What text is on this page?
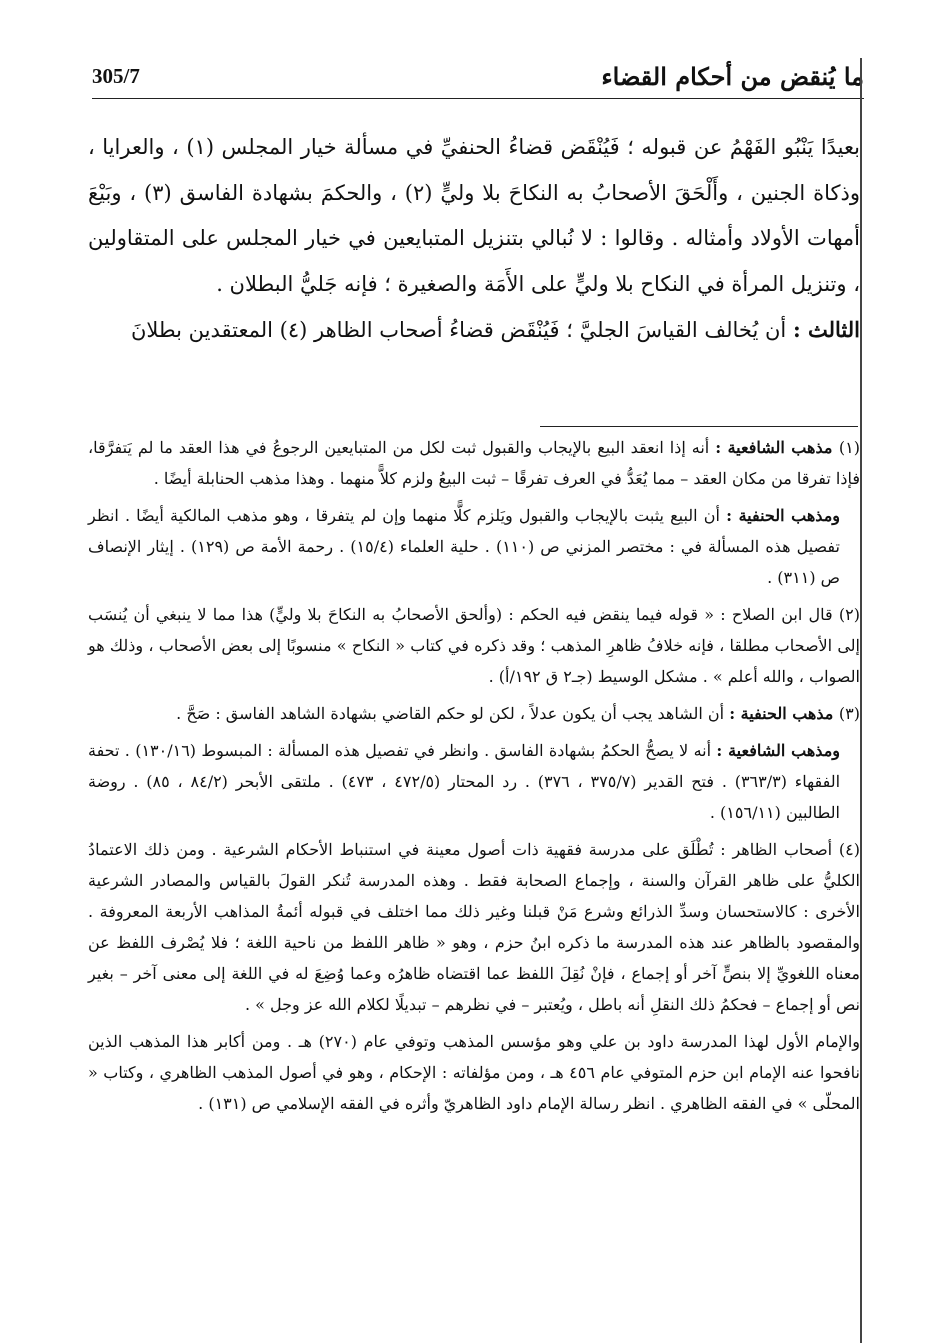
ما يُنقض من أحكام القضاء
305/7

بعيدًا يَنْبُو الفَهْمُ عن قبوله ؛ فَيُنْقَض قضاءُ الحنفيِّ في مسألة خيار المجلس (١) ، والعرايا ، وذكاة الجنين ، وأَلْحَقَ الأصحابُ به النكاحَ بلا وليٍّ (٢) ، والحكمَ بشهادة الفاسق (٣) ، وبَيْعَ أمهات الأولاد وأمثاله . وقالوا : لا نُبالي بتنزيل المتبايعين في خيار المجلس على المتقاولين ، وتنزيل المرأة في النكاح بلا وليٍّ على الأَمَة والصغيرة ؛ فإنه جَليُّ البطلان .

الثالث : أن يُخالف القياسَ الجليَّ ؛ فَيُنْقَض قضاءُ أصحاب الظاهر (٤) المعتقدين بطلانَ

(١) مذهب الشافعية : أنه إذا انعقد البيع بالإيجاب والقبول ثبت لكل من المتبايعين الرجوعُ في هذا العقد ما لم يَتفرَّقا، فإذا تفرقا من مكان العقد – مما يُعَدُّ في العرف تفرقًا – ثبت البيعُ ولزم كلاًّ منهما . وهذا مذهب الحنابلة أيضًا .

ومذهب الحنفية : أن البيع يثبت بالإيجاب والقبول ويَلزم كلًّا منهما وإن لم يتفرقا ، وهو مذهب المالكية أيضًا . انظر تفصيل هذه المسألة في : مختصر المزني ص (١١٠) . حلية العلماء (١٥/٤) . رحمة الأمة ص (١٢٩) . إيثار الإنصاف ص (٣١١) .

(٢) قال ابن الصلاح : « قوله فيما ينقض فيه الحكم : (وألحق الأصحابُ به النكاحَ بلا وليٍّ) هذا مما لا ينبغي أن يُنسَب إلى الأصحاب مطلقا ، فإنه خلافُ ظاهرِ المذهب ؛ وقد ذكره في كتاب « النكاح » منسوبًا إلى بعض الأصحاب ، وذلك هو الصواب ، والله أعلم » . مشكل الوسيط (جـ٢ ق ١٩٢/أ) .

(٣) مذهب الحنفية : أن الشاهد يجب أن يكون عدلاً ، لكن لو حكم القاضي بشهادة الشاهد الفاسق : صَحَّ .

ومذهب الشافعية : أنه لا يصحُّ الحكمُ بشهادة الفاسق . وانظر في تفصيل هذه المسألة : المبسوط (١٣٠/١٦) . تحفة الفقهاء (٣٦٣/٣) . فتح القدير (٣٧٥/٧ ، ٣٧٦) . رد المحتار (٤٧٢/٥ ، ٤٧٣) . ملتقى الأبحر (٨٤/٢ ، ٨٥) . روضة الطالبين (١٥٦/١١) .

(٤) أصحاب الظاهر : تُطْلَق على مدرسة فقهية ذات أصول معينة في استنباط الأحكام الشرعية . ومن ذلك الاعتمادُ الكليُّ على ظاهر القرآن والسنة ، وإجماع الصحابة فقط . وهذه المدرسة تُنكر القولَ بالقياس والمصادر الشرعية الأخرى : كالاستحسان وسدِّ الذرائع وشرع مَنْ قبلنا وغير ذلك مما اختلف في قبوله أئمةُ المذاهب الأربعة المعروفة . والمقصود بالظاهر عند هذه المدرسة ما ذكره ابنُ حزم ، وهو « ظاهر اللفظ من ناحية اللغة ؛ فلا يُصْرف اللفظ عن معناه اللغويِّ إلا بنصٍّ آخر أو إجماع ، فإنْ نُقِلَ اللفظ عما اقتضاه ظاهرُه وعما وُضِعَ له في اللغة إلى معنى آخر – بغير نص أو إجماع – فحكمُ ذلك النقلِ أنه باطل ، ويُعتبر – في نظرهم – تبديلًا لكلام الله عز وجل » .

والإمام الأول لهذا المدرسة داود بن علي وهو مؤسس المذهب وتوفي عام (٢٧٠) هـ . ومن أكابر هذا المذهب الذين نافحوا عنه الإمام ابن حزم المتوفي عام ٤٥٦ هـ ، ومن مؤلفاته : الإحكام ، وهو في أصول المذهب الظاهري ، وكتاب « المحلّى » في الفقه الظاهري . انظر رسالة الإمام داود الظاهريّ وأثره في الفقه الإسلامي ص (١٣١) .
